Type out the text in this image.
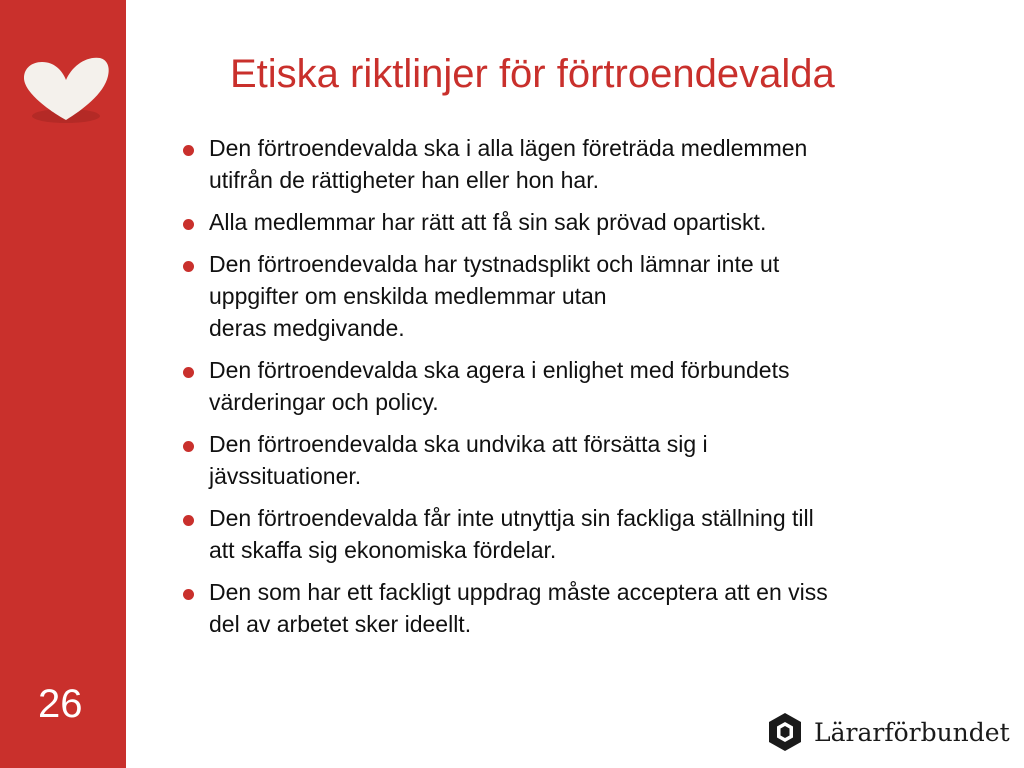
26
Etiska riktlinjer för förtroendevalda
Den förtroendevalda ska i alla lägen företräda medlemmen
utifrån de rättigheter han eller hon har.
Alla medlemmar har rätt att få sin sak prövad opartiskt.
Den förtroendevalda har tystnadsplikt och lämnar inte ut
uppgifter om enskilda medlemmar utan
deras medgivande.
Den förtroendevalda ska agera i enlighet med förbundets
värderingar och policy.
Den förtroendevalda ska undvika att försätta sig i
jävssituationer.
Den förtroendevalda får inte utnyttja sin fackliga ställning till
att skaffa sig ekonomiska fördelar.
Den som har ett fackligt uppdrag måste acceptera att en viss
del av arbetet sker ideellt.
Lärarförbundet
